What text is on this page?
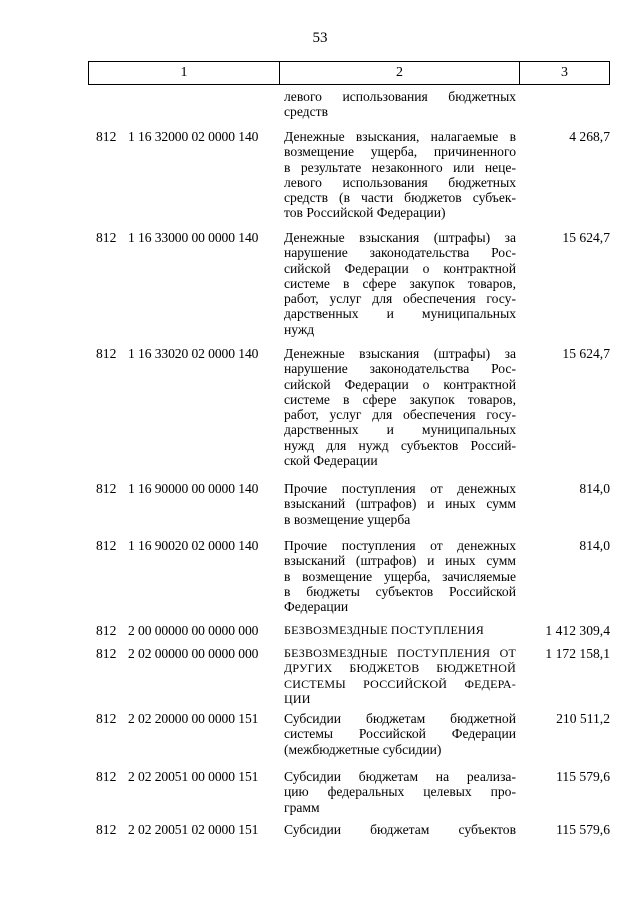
53
1	2	3
левого использования бюджетных
средств
812 1 16 32000 02 0000 140 Денежные взыскания, налагаемые в
возмещение ущерба, причиненного
в результате незаконного или неце-
левого использования бюджетных
средств (в части бюджетов субъек-
тов Российской Федерации)
4 268,7
812 1 16 33000 00 0000 140 Денежные взыскания (штрафы) за
нарушение законодательства Рос-
сийской Федерации о контрактной
системе в сфере закупок товаров,
работ, услуг для обеспечения госу-
дарственных и муниципальных
нужд
15 624,7
812 1 16 33020 02 0000 140 Денежные взыскания (штрафы) за
нарушение законодательства Рос-
сийской Федерации о контрактной
системе в сфере закупок товаров,
работ, услуг для обеспечения госу-
дарственных и муниципальных
нужд для нужд субъектов Россий-
ской Федерации
15 624,7
812 1 16 90000 00 0000 140 Прочие поступления от денежных
взысканий (штрафов) и иных сумм
в возмещение ущерба
814,0
812 1 16 90020 02 0000 140 Прочие поступления от денежных
взысканий (штрафов) и иных сумм
в возмещение ущерба, зачисляемые
в бюджеты субъектов Российской
Федерации
814,0
812 2 00 00000 00 0000 000 БЕЗВОЗМЕЗДНЫЕ ПОСТУПЛЕНИЯ	1 412 309,4
812 2 02 00000 00 0000 000 БЕЗВОЗМЕЗДНЫЕ ПОСТУПЛЕНИЯ ОТ
ДРУГИХ БЮДЖЕТОВ БЮДЖЕТНОЙ
СИСТЕМЫ РОССИЙСКОЙ ФЕДЕРА-
ЦИИ
1 172 158,1
812 2 02 20000 00 0000 151 Субсидии бюджетам бюджетной
системы Российской Федерации
(межбюджетные субсидии)
210 511,2
812 2 02 20051 00 0000 151 Субсидии бюджетам на реализа-
цию федеральных целевых про-
грамм
115 579,6
812 2 02 20051 02 0000 151 Субсидии бюджетам субъектов	115 579,6
